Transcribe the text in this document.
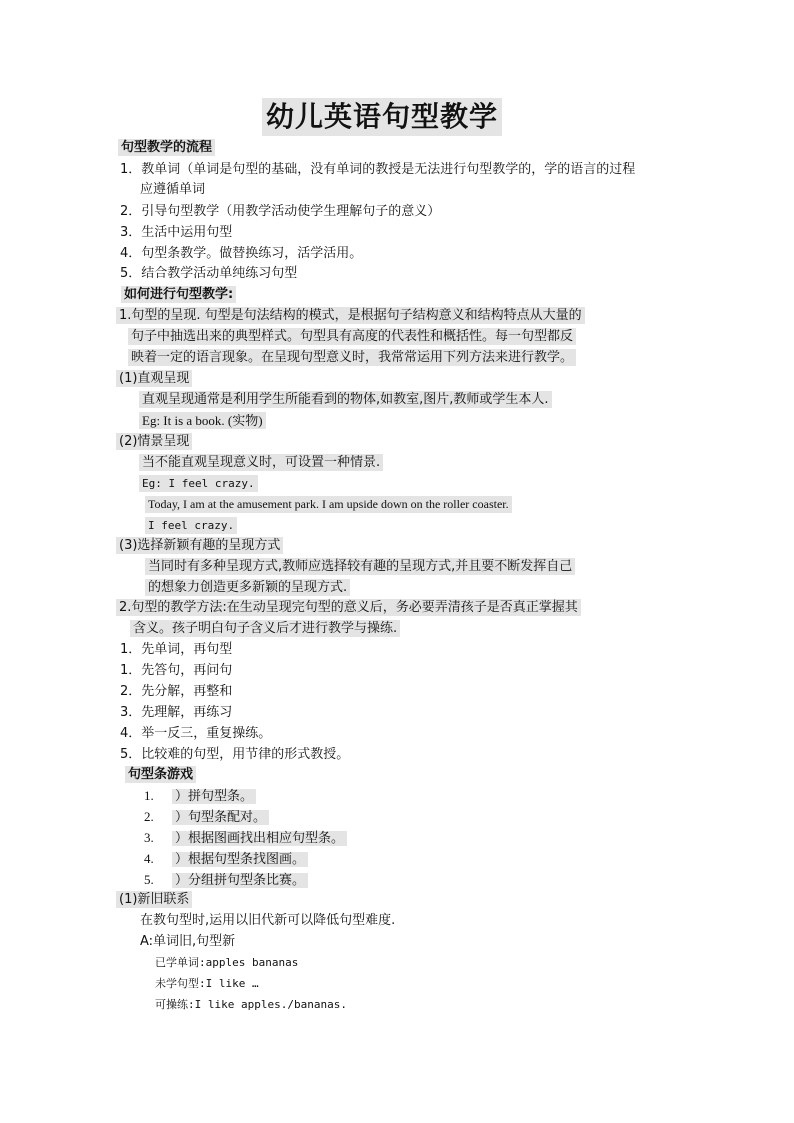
幼儿英语句型教学
句型教学的流程
1．教单词（单词是句型的基础，没有单词的教授是无法进行句型教学的，学的语言的过程
应遵循单词
2．引导句型教学（用教学活动使学生理解句子的意义）
3．生活中运用句型
4．句型条教学。做替换练习，活学活用。
5．结合教学活动单纯练习句型
如何进行句型教学:
1.句型的呈现. 句型是句法结构的模式，是根据句子结构意义和结构特点从大量的
句子中抽选出来的典型样式。句型具有高度的代表性和概括性。每一句型都反
映着一定的语言现象。在呈现句型意义时，我常常运用下列方法来进行教学。
(1)直观呈现
直观呈现通常是利用学生所能看到的物体,如教室,图片,教师或学生本人.
Eg: It is a book. (实物)
(2)情景呈现
当不能直观呈现意义时，可设置一种情景.
Eg: I feel crazy.
Today, I am at the amusement park. I am upside down on the roller coaster.
I feel crazy.
(3)选择新颖有趣的呈现方式
当同时有多种呈现方式,教师应选择较有趣的呈现方式,并且要不断发挥自己
的想象力创造更多新颖的呈现方式.
2.句型的教学方法:在生动呈现完句型的意义后，务必要弄清孩子是否真正掌握其
含义。孩子明白句子含义后才进行教学与操练.
1．先单词，再句型
1．先答句，再问句
2．先分解，再整和
3．先理解，再练习
4．举一反三，重复操练。
5．比较难的句型，用节律的形式教授。
句型条游戏
1. ）拼句型条。
2. ）句型条配对。
3. ）根据图画找出相应句型条。
4. ）根据句型条找图画。
5. ）分组拼句型条比赛。
(1)新旧联系
在教句型时,运用以旧代新可以降低句型难度.
A:单词旧,句型新
已学单词:apples bananas
未学句型:I like …
可操练:I like apples./bananas.
